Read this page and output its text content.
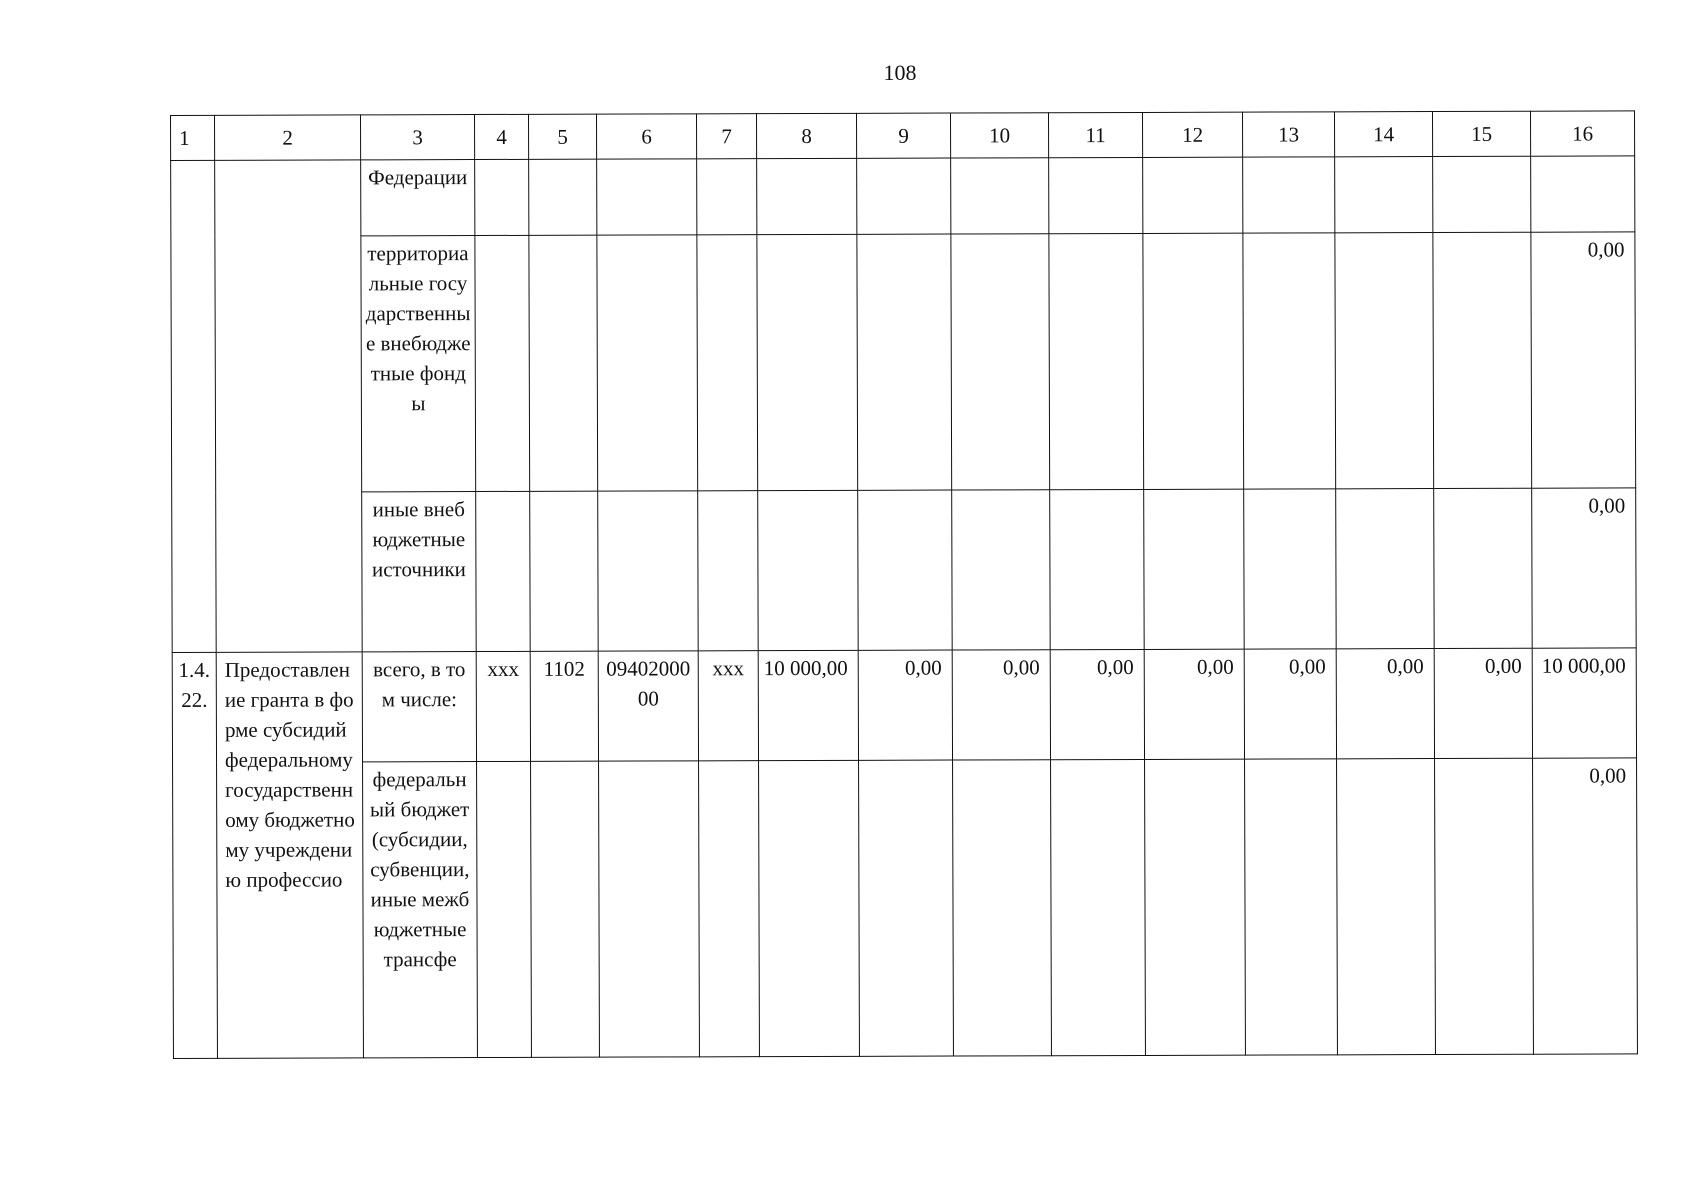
108
1	2	3	4	5	6	7	8	9	10	11	12	13	14	15	16
		Федерации													
		территориальные государственные внебюджетные фонды													0,00
		иные внебюджетные источники													0,00
1.4.22.	Предоставление гранта в форме субсидий федеральному государственному бюджетному учреждению профессио	всего, в том числе:	xxx	1102	0940200000	xxx	10 000,00	0,00	0,00	0,00	0,00	0,00	0,00	0,00	10 000,00
		федеральный бюджет (субсидии, субвенции, иные межбюджетные трансфе													0,00
